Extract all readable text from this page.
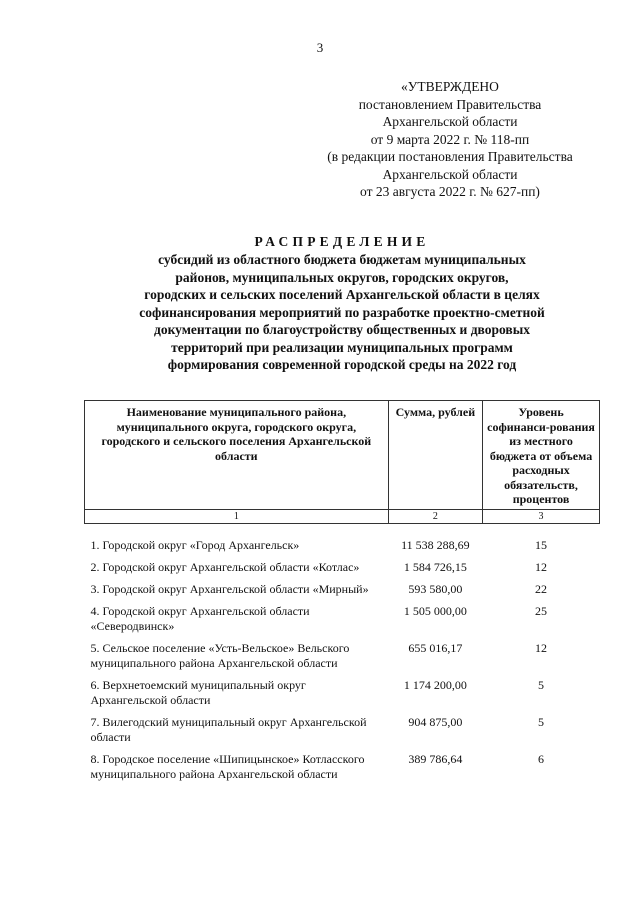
3
«УТВЕРЖДЕНО
постановлением Правительства
Архангельской области
от 9 марта 2022 г. № 118-пп
(в редакции постановления Правительства
Архангельской области
от 23 августа 2022 г. № 627-пп)
РАСПРЕДЕЛЕНИЕ
субсидий из областного бюджета бюджетам муниципальных
районов, муниципальных округов, городских округов,
городских и сельских поселений Архангельской области в целях
софинансирования мероприятий по разработке проектно-сметной
документации по благоустройству общественных и дворовых
территорий при реализации муниципальных программ
формирования современной городской среды на 2022 год
Наименование муниципального района, муниципального округа, городского округа, городского и сельского поселения Архангельской области	Сумма, рублей	Уровень софинанси-рования из местного бюджета от объема расходных обязательств, процентов
1	2	3

1. Городской округ «Город Архангельск»	11 538 288,69	15
2. Городской округ Архангельской области «Котлас»	1 584 726,15	12
3. Городской округ Архангельской области «Мирный»	593 580,00	22
4. Городской округ Архангельской области «Северодвинск»	1 505 000,00	25
5. Сельское поселение «Усть-Вельское» Вельского муниципального района Архангельской области	655 016,17	12
6. Верхнетоемский муниципальный округ Архангельской области	1 174 200,00	5
7. Вилегодский муниципальный округ Архангельской области	904 875,00	5
8. Городское поселение «Шипицынское» Котласского муниципального района Архангельской области	389 786,64	6
